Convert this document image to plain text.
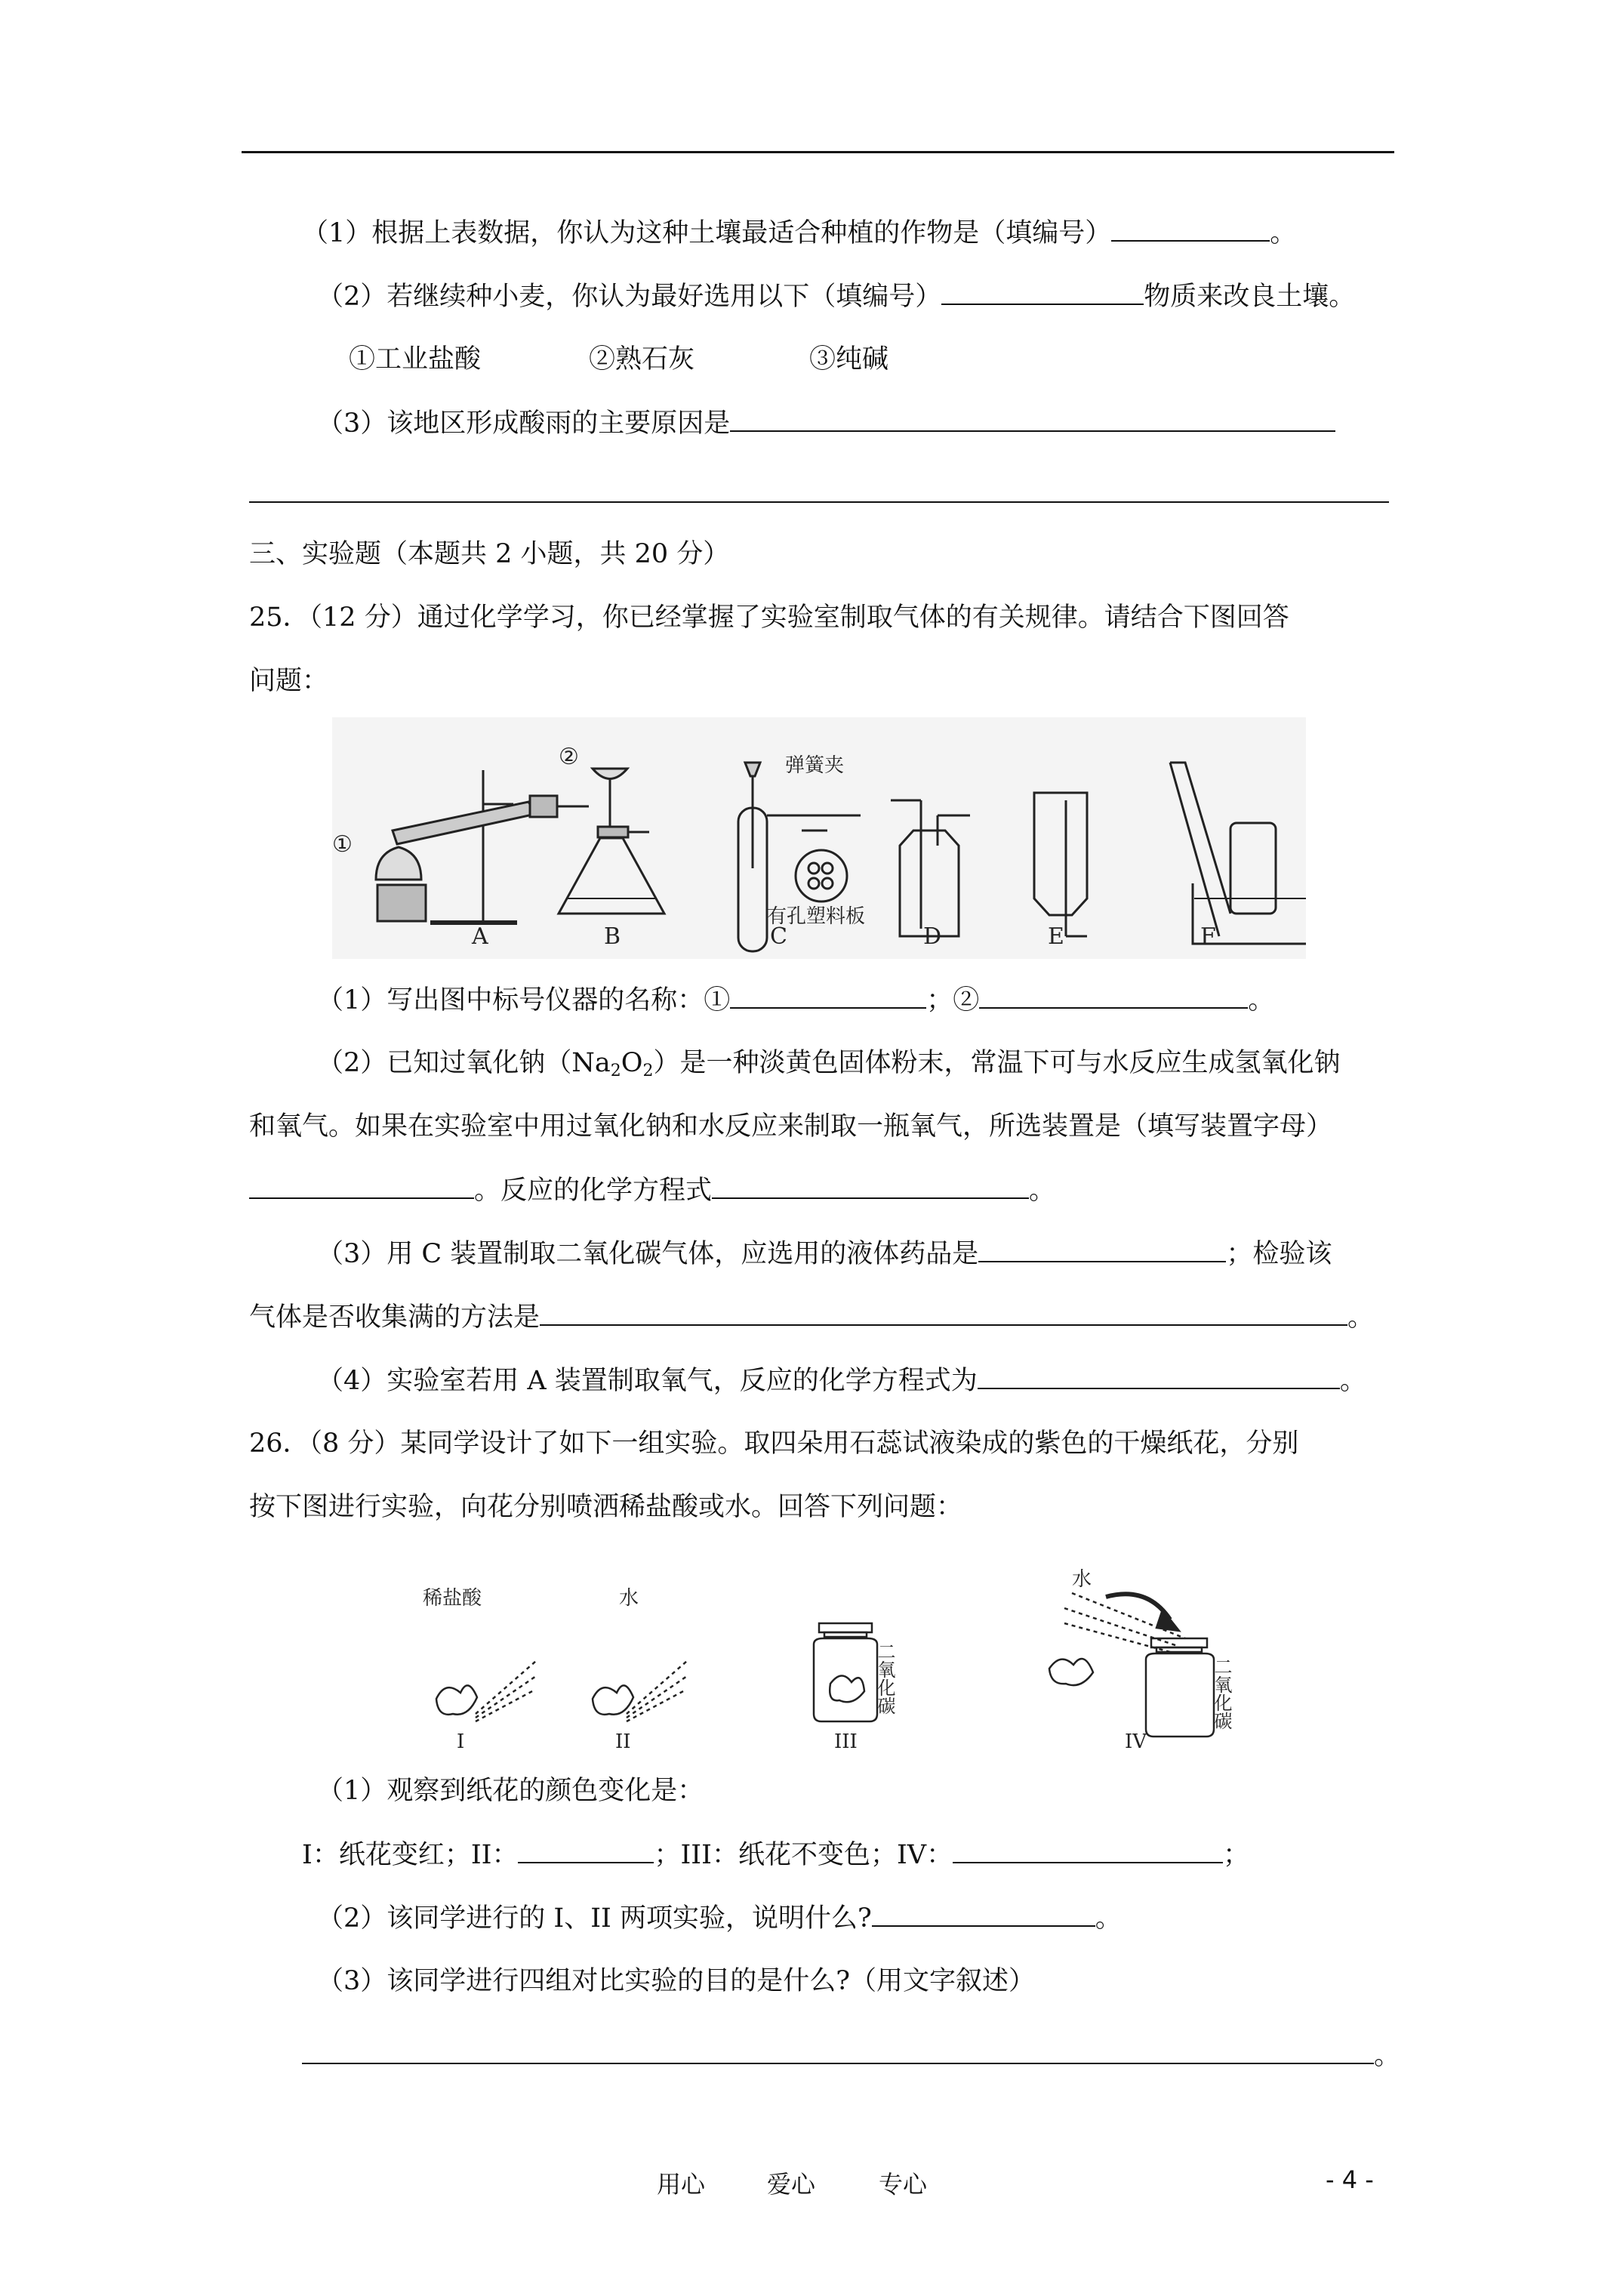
（1）根据上表数据，你认为这种土壤最适合种植的作物是（填编号）	。
（2）若继续种小麦，你认为最好选用以下（填编号）	物质来改良土壤。
①工业盐酸	②熟石灰	③纯碱
（3）该地区形成酸雨的主要原因是
三、实验题（本题共 2 小题，共 20 分）
25．（12 分）通过化学学习，你已经掌握了实验室制取气体的有关规律。请结合下图回答
问题：
A	B	C	D	E	F
①
②	弹簧夹
有孔塑料板
（1）写出图中标号仪器的名称：①	；②	。
（2）已知过氧化钠$(Na_2O_2)$是一种淡黄色固体粉末，常温下可与水反应生成氢氧化钠
和氧气。如果在实验室中用过氧化钠和水反应来制取一瓶氧气，所选装置是（填写装置字母）
。反应的化学方程式	。
（3）用 C 装置制取二氧化碳气体，应选用的液体药品是	；检验该
气体是否收集满的方法是	。
（4）实验室若用 A 装置制取氧气，反应的化学方程式为	。
26．（8 分）某同学设计了如下一组实验。取四朵用石蕊试液染成的紫色的干燥纸花，分别
按下图进行实验，向花分别喷洒稀盐酸或水。回答下列问题：
稀盐酸	水
水
二氧化碳	二氧化碳
I	II	III	IV
（1）观察到纸花的颜色变化是：
I：纸花变红；II：	；III：纸花不变色；IV：	；
（2）该同学进行的 I、II 两项实验，说明什么?	。
（3）该同学进行四组对比实验的目的是什么?（用文字叙述）
。
用心	爱心	专心	- 4 -
